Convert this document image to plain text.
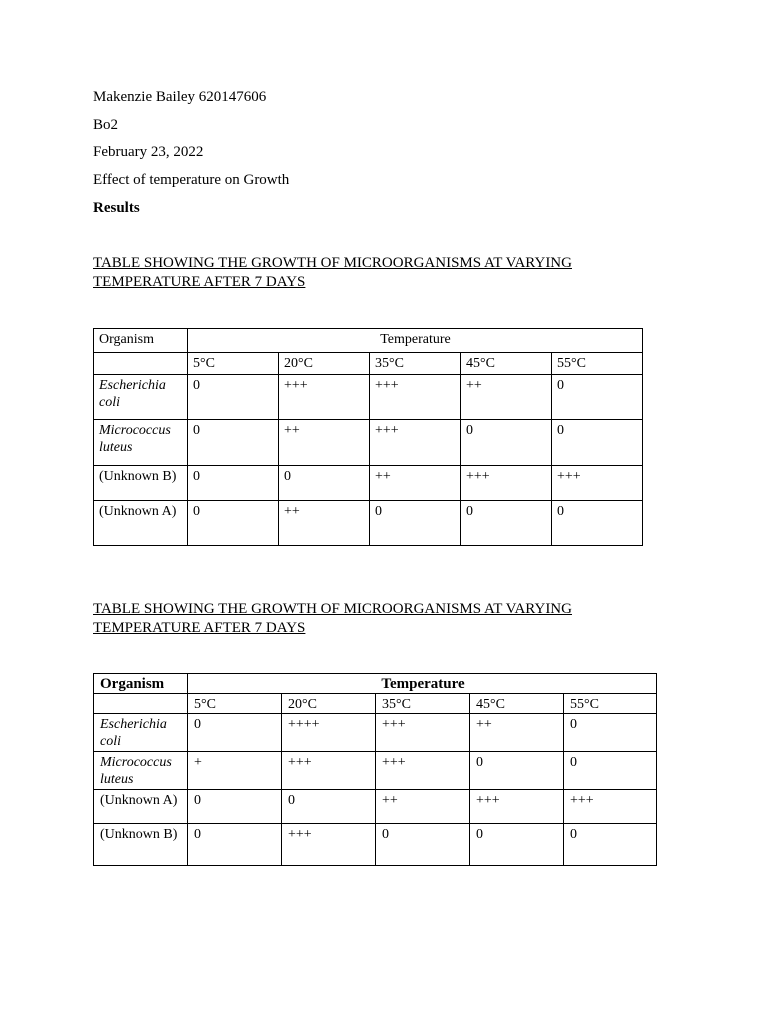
Makenzie Bailey 620147606
Bo2
February 23, 2022
Effect of temperature on Growth
Results
TABLE SHOWING THE GROWTH OF MICROORGANISMS AT VARYING
TEMPERATURE AFTER 7 DAYS
Organism	Temperature				
	5°C	20°C	35°C	45°C	55°C
Escherichia coli	0	+++	+++	++	0
Micrococcus luteus	0	++	+++	0	0
(Unknown B)	0	0	++	+++	+++
(Unknown A)	0	++	0	0	0
TABLE SHOWING THE GROWTH OF MICROORGANISMS AT VARYING
TEMPERATURE AFTER 7 DAYS
Organism	Temperature				
	5°C	20°C	35°C	45°C	55°C
Escherichia coli	0	++++	+++	++	0
Micrococcus luteus	+	+++	+++	0	0
(Unknown A)	0	0	++	+++	+++
(Unknown B)	0	+++	0	0	0
